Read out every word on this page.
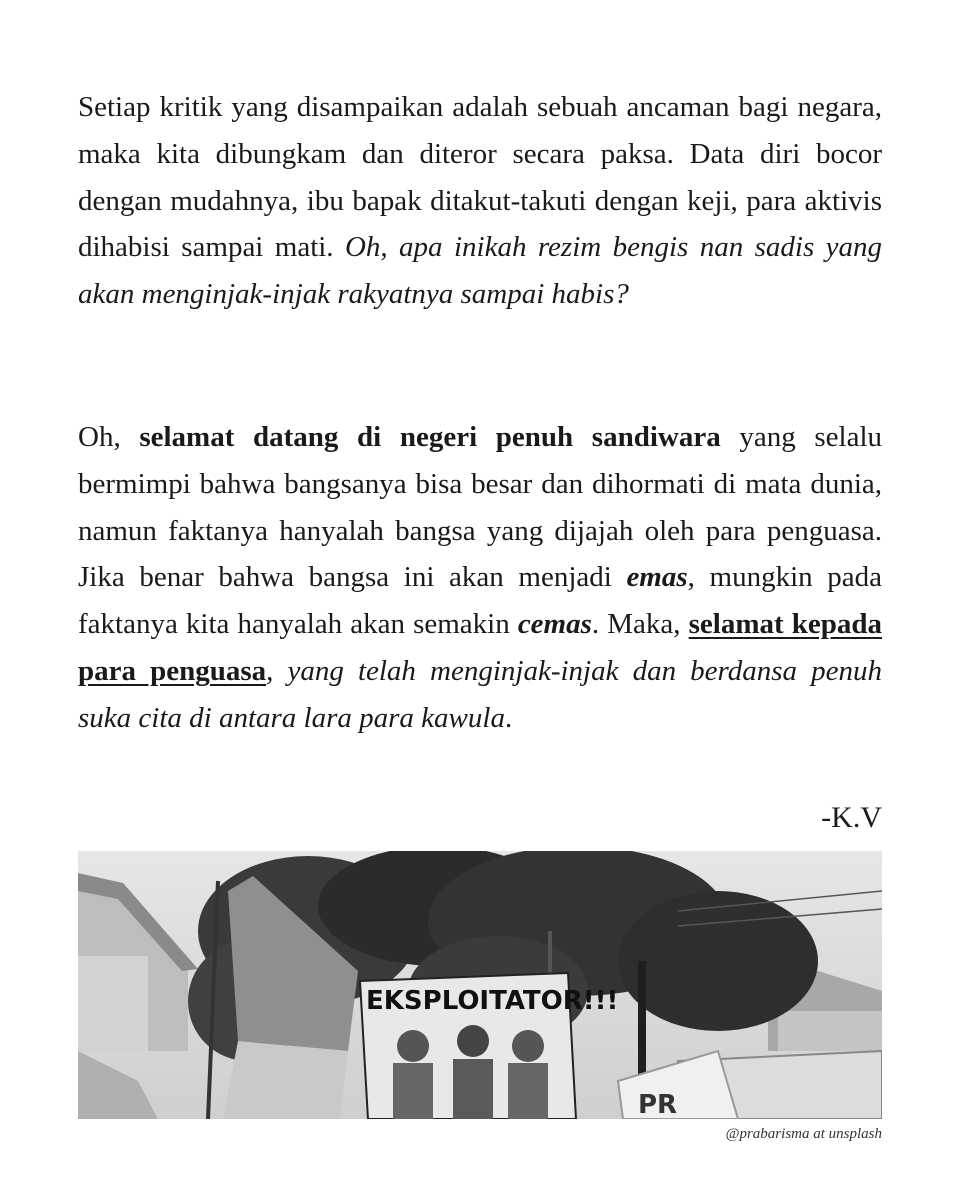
Setiap kritik yang disampaikan adalah sebuah ancaman bagi negara, maka kita dibungkam dan diteror secara paksa. Data diri bocor dengan mudahnya, ibu bapak ditakut-takuti dengan keji, para aktivis dihabisi sampai mati. Oh, apa inikah rezim bengis nan sadis yang akan menginjak-injak rakyatnya sampai habis?

Oh, selamat datang di negeri penuh sandiwara yang selalu bermimpi bahwa bangsanya bisa besar dan dihormati di mata dunia, namun faktanya hanyalah bangsa yang dijajah oleh para penguasa. Jika benar bahwa bangsa ini akan menjadi emas, mungkin pada faktanya kita hanyalah akan semakin cemas. Maka, selamat kepada para penguasa, yang telah menginjak-injak dan berdansa penuh suka cita di antara lara para kawula.

-K.V
EKSPLOITATOR!!!
PR
@prabarisma at unsplash
